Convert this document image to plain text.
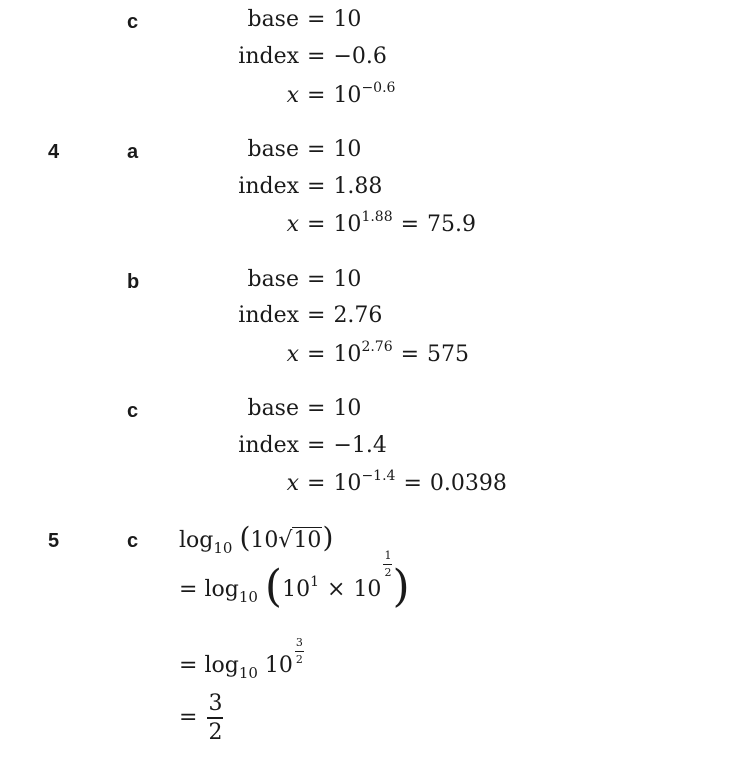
c	base = 10
index = −0.6
$x = 10^{-0.6}$
4	a	base = 10
index = 1.88
$x = 10^{1.88} = 75.9$
b	base = 10
index = 2.76
$x = 10^{2.76} = 575$
c	base = 10
index = −1.4
$x = 10^{-1.4} = 0.0398$
5	c $\log_{10} (10√10)$
= $\log_{10} (10^1 \times 10$
$\frac{1}{2}$ )
= $\log_{10} 10 \frac{3}{2}$
= $\frac{3}{2}$
